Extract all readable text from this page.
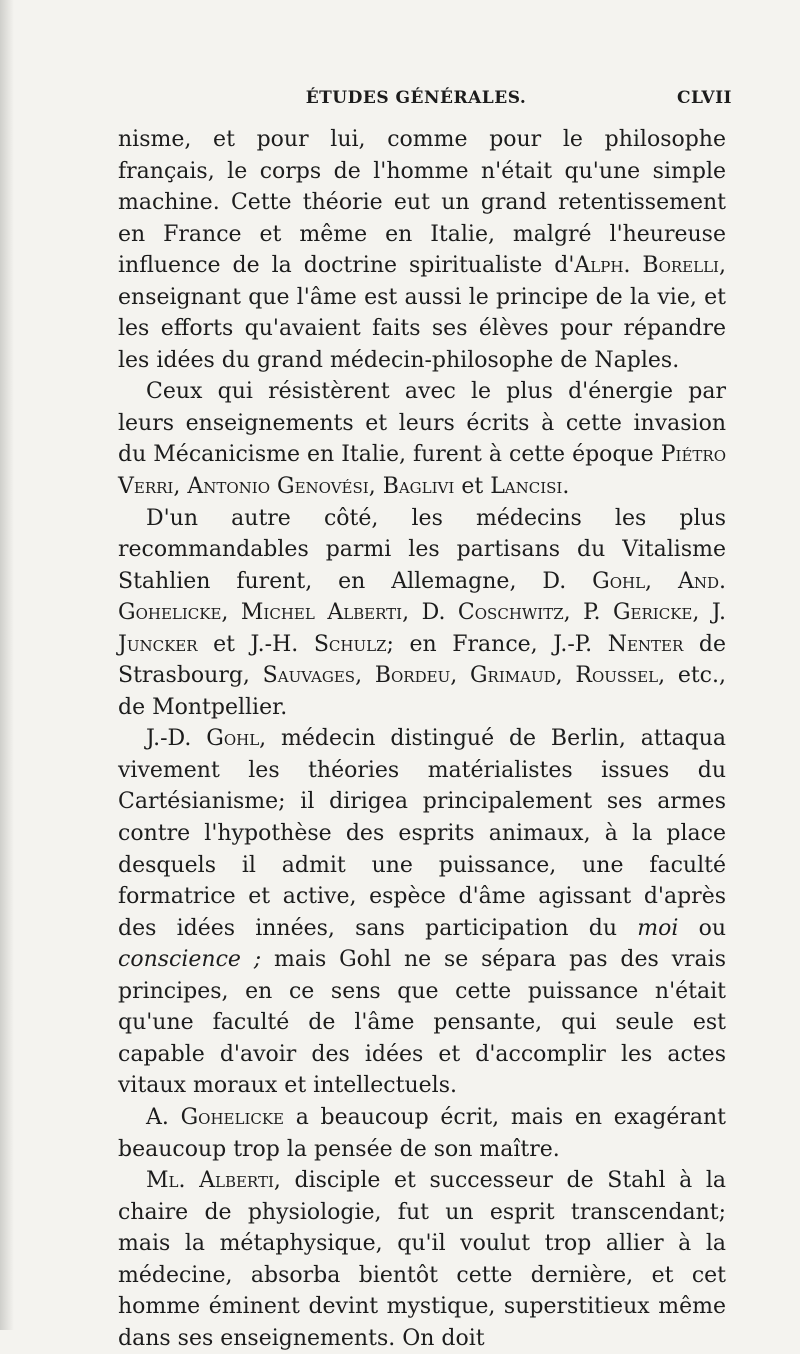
ÉTUDES GÉNÉRALES.	CLVII

nisme, et pour lui, comme pour le philosophe français, le corps de l'homme n'était qu'une simple machine. Cette théorie eut un grand retentissement en France et même en Italie, malgré l'heureuse influence de la doctrine spiritualiste d'Alph. Borelli, enseignant que l'âme est aussi le principe de la vie, et les efforts qu'avaient faits ses élèves pour répandre les idées du grand médecin-philosophe de Naples.

Ceux qui résistèrent avec le plus d'énergie par leurs enseignements et leurs écrits à cette invasion du Mécanicisme en Italie, furent à cette époque Piétro Verri, Antonio Genovési, Baglivi et Lancisi.

D'un autre côté, les médecins les plus recommandables parmi les partisans du Vitalisme Stahlien furent, en Allemagne, D. Gohl, And. Gohelicke, Michel Alberti, D. Coschwitz, P. Gericke, J. Juncker et J.-H. Schulz; en France, J.-P. Nenter de Strasbourg, Sauvages, Bordeu, Grimaud, Roussel, etc., de Montpellier.

J.-D. Gohl, médecin distingué de Berlin, attaqua vivement les théories matérialistes issues du Cartésianisme; il dirigea principalement ses armes contre l'hypothèse des esprits animaux, à la place desquels il admit une puissance, une faculté formatrice et active, espèce d'âme agissant d'après des idées innées, sans participation du moi ou conscience ; mais Gohl ne se sépara pas des vrais principes, en ce sens que cette puissance n'était qu'une faculté de l'âme pensante, qui seule est capable d'avoir des idées et d'accomplir les actes vitaux moraux et intellectuels.

A. Gohelicke a beaucoup écrit, mais en exagérant beaucoup trop la pensée de son maître.

Ml. Alberti, disciple et successeur de Stahl à la chaire de physiologie, fut un esprit transcendant; mais la métaphysique, qu'il voulut trop allier à la médecine, absorba bientôt cette dernière, et cet homme éminent devint mystique, superstitieux même dans ses enseignements. On doit
